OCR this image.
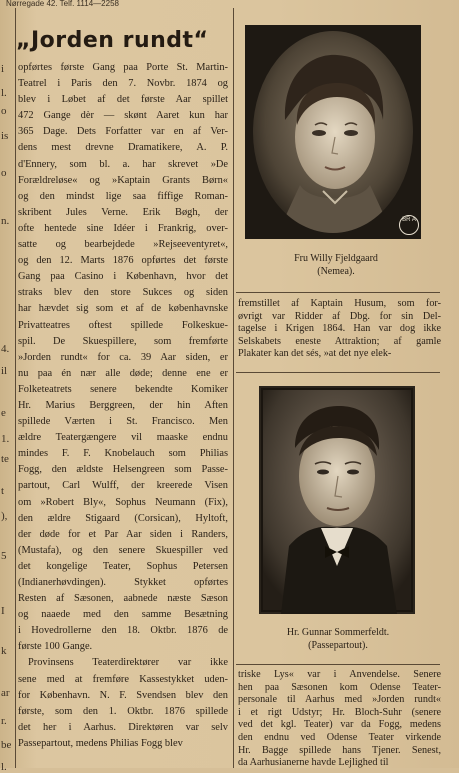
Nørregade 42. Telf. 1114—2258
i
l.
o
is
o
n.
4.
il
e
1.
te
t
),
5
I
k
ar
r.
be
l.
„Jorden rundt“
opførtes første Gang paa Porte St. Martin-
Teatrel i Paris den 7. Novbr. 1874 og
blev i Løbet af det første Aar spillet
472 Gange dèr — skønt Aaret kun har
365 Dage. Dets Forfatter var en af Ver-
dens mest drevne Dramatikere, A. P.
d'Ennery, som bl. a. har skrevet »De
Forældreløse« og »Kaptain Grants Børn«
og den mindst lige saa fiffige Roman-
skribent Jules Verne. Erik Bøgh, der
ofte hentede sine Idéer i Frankrig, over-
satte og bearbejdede »Rejseeventyret«,
og den 12. Marts 1876 opførtes det første
Gang paa Casino i København, hvor det
straks blev den store Sukces og siden
har hævdet sig som et af de københavnske
Privatteatres oftest spillede Folkeskue-
spil. De Skuespillere, som fremførte
»Jorden rundt« for ca. 39 Aar siden, er
nu paa én nær alle døde; denne ene er
Folketeatrets senere bekendte Komiker
Hr. Marius Berggreen, der hin Aften
spillede Værten i St. Francisco. Men
ældre Teatergængere vil maaske endnu
mindes F. F. Knobelauch som Philias
Fogg, den ældste Helsengreen som Passe-
partout, Carl Wulff, der kreerede Visen
om »Robert Bly«, Sophus Neumann (Fix),
den ældre Stigaard (Corsican), Hyltoft,
der døde for et Par Aar siden i Randers,
(Mustafa), og den senere Skuespiller ved
det kongelige Teater, Sophus Petersen
(Indianerhøvdingen). Stykket opførtes
Resten af Sæsonen, aabnede næste Sæson
og naaede med den samme Besætning
i Hovedrollerne den 18. Oktbr. 1876 de
første 100 Gange.
Provinsens Teaterdirektører var ikke
sene med at fremføre Kassestykket uden-
for København. N. F. Svendsen blev den
første, som den 1. Oktbr. 1876 spillede
det her i Aarhus. Direktøren var selv
Passepartout, medens Philias Fogg blev
BR A
Fru Willy Fjeldgaard
(Nemea).
fremstillet af Kaptain Husum, som for-
øvrigt var Ridder af Dbg. for sin Del-
tagelse i Krigen 1864. Han var dog ikke
Selskabets eneste Attraktion; af gamle
Plakater kan det sés, »at det nye elek-
Hr. Gunnar Sommerfeldt.
(Passepartout).
triske Lys« var i Anvendelse. Senere
hen paa Sæsonen kom Odense Teater-
personale til Aarhus med »Jorden rundt«
i et rigt Udstyr; Hr. Bloch-Suhr (senere
ved det kgl. Teater) var da Fogg, medens
den endnu ved Odense Teater virkende
Hr. Bagge spillede hans Tjener. Senest,
da Aarhusianerne havde Lejlighed til
